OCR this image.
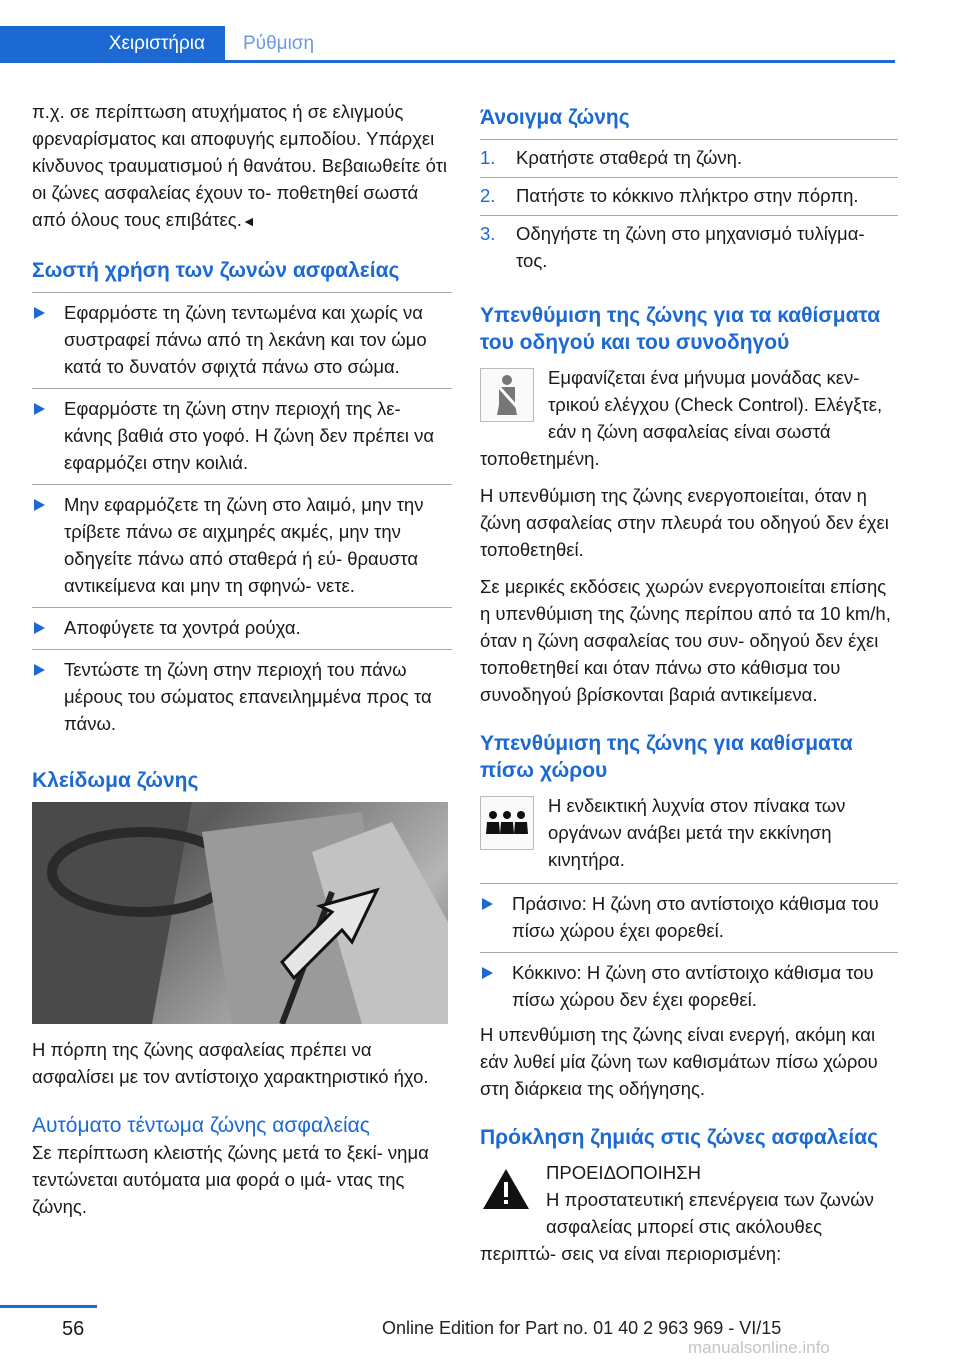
Χειριστήρια	Ρύθμιση

π.χ. σε περίπτωση ατυχήματος ή σε ελιγμούς φρεναρίσματος και αποφυγής εμποδίου. Υπάρχει κίνδυνος τραυματισμού ή θανάτου. Βεβαιωθείτε ότι οι ζώνες ασφαλείας έχουν το- ποθετηθεί σωστά από όλους τους επιβάτες.◄

Σωστή χρήση των ζωνών ασφαλείας
Εφαρμόστε τη ζώνη τεντωμένα και χωρίς να συστραφεί πάνω από τη λεκάνη και τον ώμο κατά το δυνατόν σφιχτά πάνω στο σώμα.
Εφαρμόστε τη ζώνη στην περιοχή της λε- κάνης βαθιά στο γοφό. Η ζώνη δεν πρέπει να εφαρμόζει στην κοιλιά.
Μην εφαρμόζετε τη ζώνη στο λαιμό, μην την τρίβετε πάνω σε αιχμηρές ακμές, μην την οδηγείτε πάνω από σταθερά ή εύ- θραυστα αντικείμενα και μην τη σφηνώ- νετε.
Αποφύγετε τα χοντρά ρούχα.
Τεντώστε τη ζώνη στην περιοχή του πάνω μέρους του σώματος επανειλημμένα προς τα πάνω.
Κλείδωμα ζώνης

Η πόρπη της ζώνης ασφαλείας πρέπει να ασφαλίσει με τον αντίστοιχο χαρακτηριστικό ήχο.

Αυτόματο τέντωμα ζώνης ασφαλείας

Σε περίπτωση κλειστής ζώνης μετά το ξεκί- νημα τεντώνεται αυτόματα μια φορά ο ιμά- ντας της ζώνης.

Άνοιγμα ζώνης
1. Κρατήστε σταθερά τη ζώνη.
2. Πατήστε το κόκκινο πλήκτρο στην πόρπη.
3. Οδηγήστε τη ζώνη στο μηχανισμό τυλίγμα- τος.
Υπενθύμιση της ζώνης για τα καθίσματα του οδηγού και του συνοδηγού

Εμφανίζεται ένα μήνυμα μονάδας κεν- τρικού ελέγχου (Check Control). Ελέγξτε, εάν η ζώνη ασφαλείας είναι σωστά τοποθετημένη.

Η υπενθύμιση της ζώνης ενεργοποιείται, όταν η ζώνη ασφαλείας στην πλευρά του οδηγού δεν έχει τοποθετηθεί.

Σε μερικές εκδόσεις χωρών ενεργοποιείται επίσης η υπενθύμιση της ζώνης περίπου από τα 10 km/h, όταν η ζώνη ασφαλείας του συν- οδηγού δεν έχει τοποθετηθεί και όταν πάνω στο κάθισμα του συνοδηγού βρίσκονται βαριά αντικείμενα.

Υπενθύμιση της ζώνης για καθίσματα πίσω χώρου

Η ενδεικτική λυχνία στον πίνακα των οργάνων ανάβει μετά την εκκίνηση κινητήρα.

Πράσινο: Η ζώνη στο αντίστοιχο κάθισμα του πίσω χώρου έχει φορεθεί.
Κόκκινο: Η ζώνη στο αντίστοιχο κάθισμα του πίσω χώρου δεν έχει φορεθεί.

Η υπενθύμιση της ζώνης είναι ενεργή, ακόμη και εάν λυθεί μία ζώνη των καθισμάτων πίσω χώρου στη διάρκεια της οδήγησης.

Πρόκληση ζημιάς στις ζώνες ασφαλείας
ΠΡΟΕΙΔΟΠΟΙΗΣΗ

Η προστατευτική επενέργεια των ζωνών ασφαλείας μπορεί στις ακόλουθες περιπτώ- σεις να είναι περιορισμένη:

56	Online Edition for Part no. 01 40 2 963 969 - VI/15
manualsonline.info
